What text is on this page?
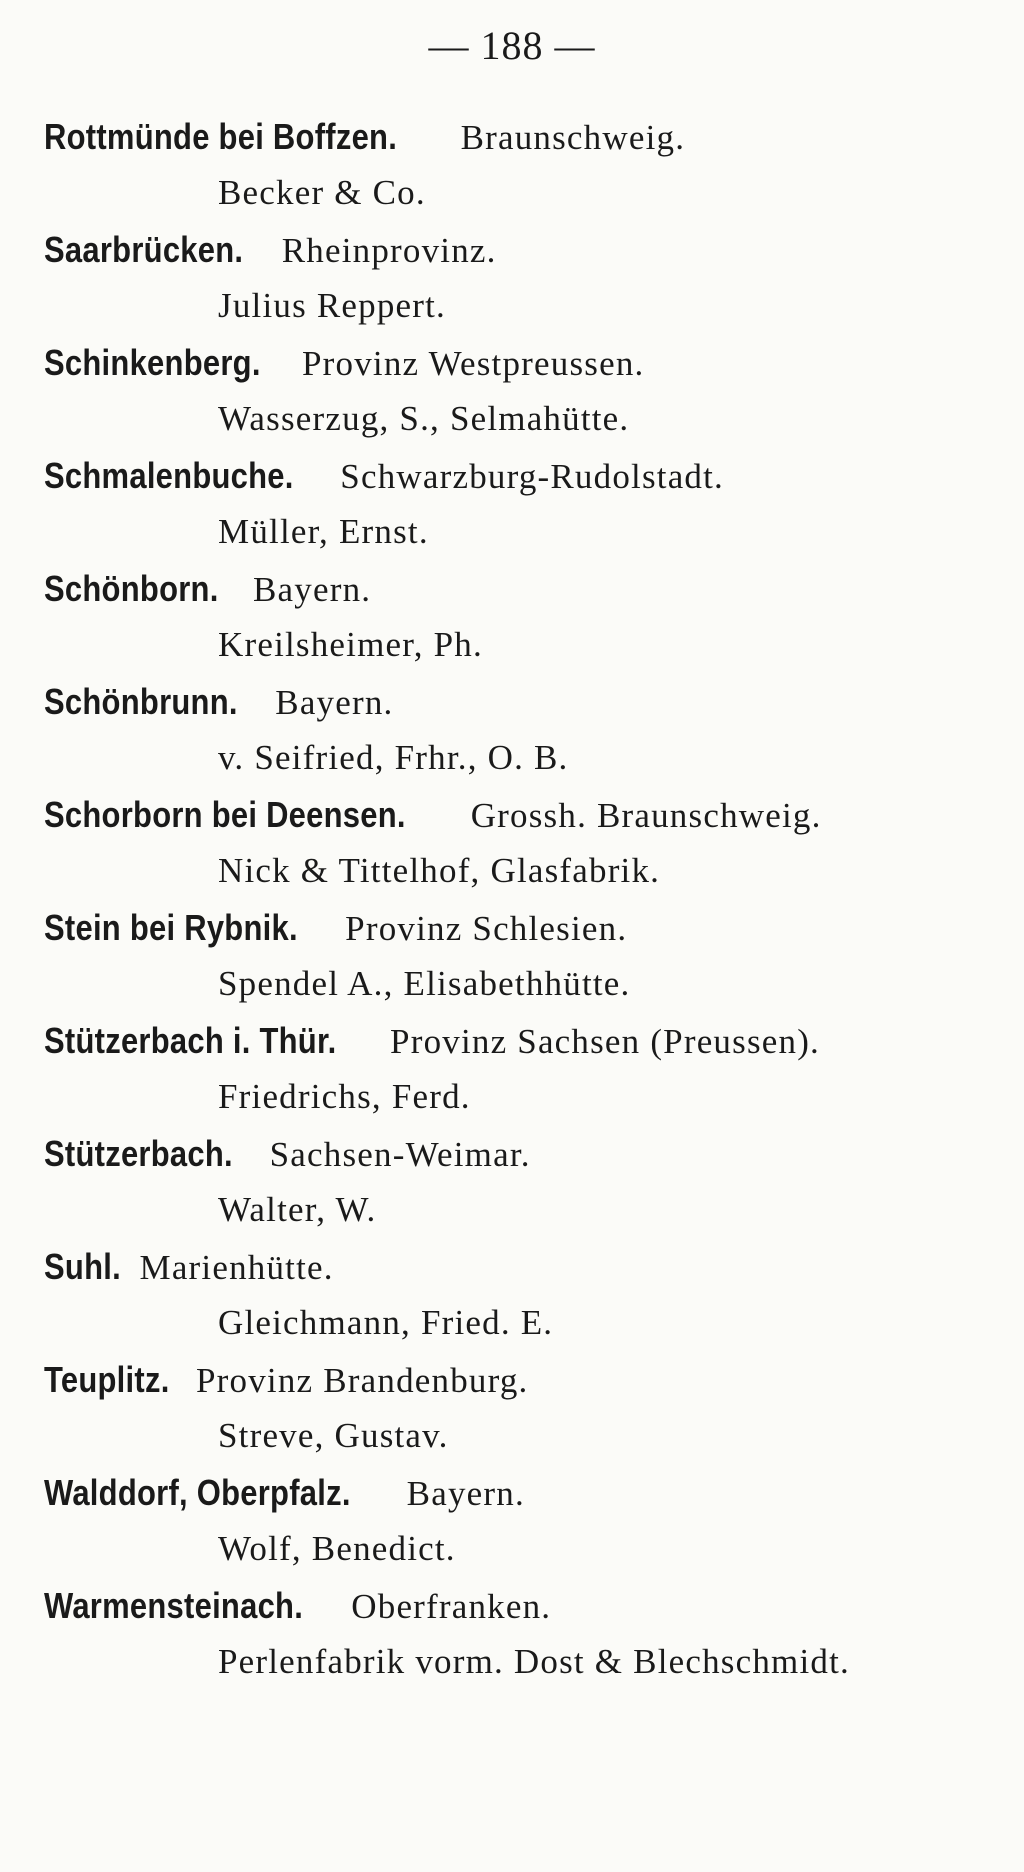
— 188 —
Rottmünde bei Boffzen. Braunschweig.
Becker & Co.
Saarbrücken. Rheinprovinz.
Julius Reppert.
Schinkenberg. Provinz Westpreussen.
Wasserzug, S., Selmahütte.
Schmalenbuche. Schwarzburg-Rudolstadt.
Müller, Ernst.
Schönborn. Bayern.
Kreilsheimer, Ph.
Schönbrunn. Bayern.
v. Seifried, Frhr., O. B.
Schorborn bei Deensen. Grossh. Braunschweig.
Nick & Tittelhof, Glasfabrik.
Stein bei Rybnik. Provinz Schlesien.
Spendel A., Elisabethhütte.
Stützerbach i. Thür. Provinz Sachsen (Preussen).
Friedrichs, Ferd.
Stützerbach. Sachsen-Weimar.
Walter, W.
Suhl. Marienhütte.
Gleichmann, Fried. E.
Teuplitz. Provinz Brandenburg.
Streve, Gustav.
Walddorf, Oberpfalz. Bayern.
Wolf, Benedict.
Warmensteinach. Oberfranken.
Perlenfabrik vorm. Dost & Blechschmidt.
